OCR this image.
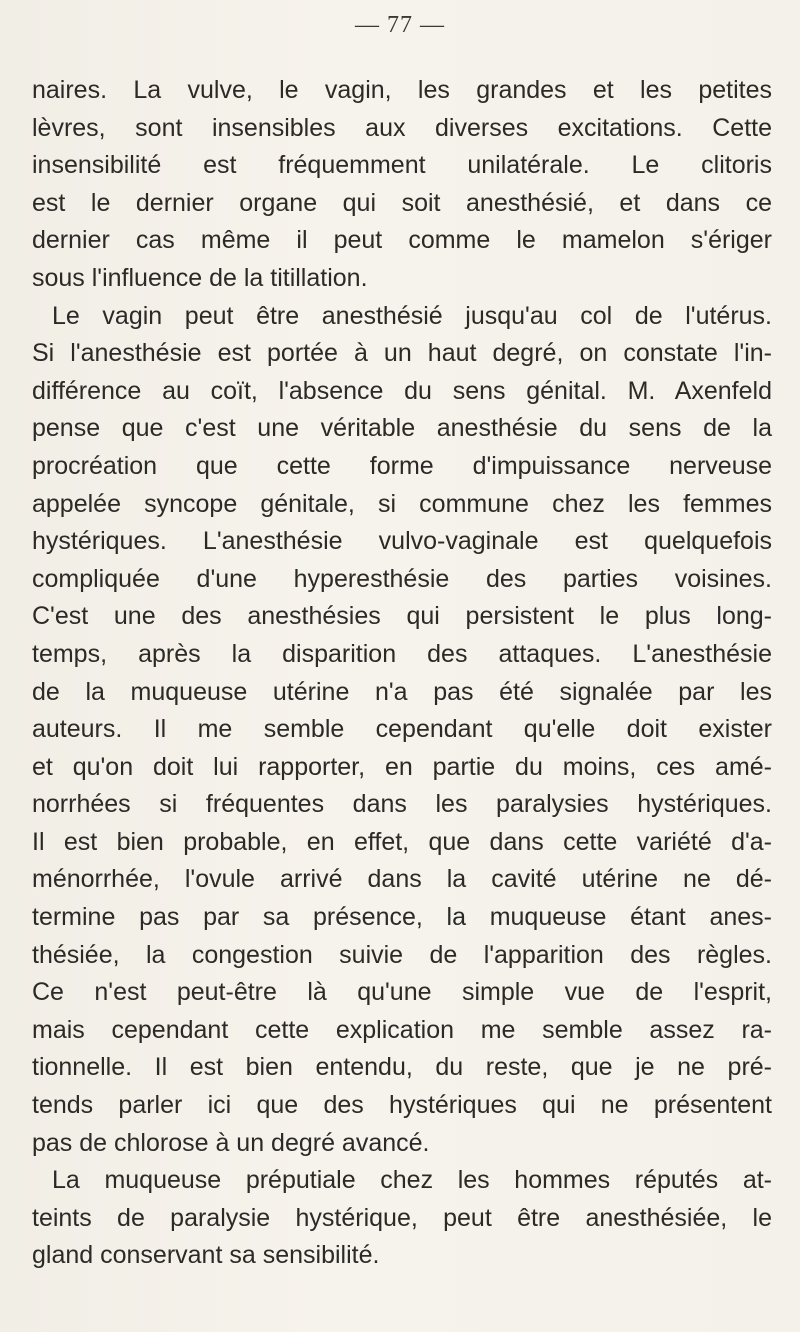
— 77 —
naires. La vulve, le vagin, les grandes et les petites
lèvres, sont insensibles aux diverses excitations. Cette
insensibilité est fréquemment unilatérale. Le clitoris
est le dernier organe qui soit anesthésié, et dans ce
dernier cas même il peut comme le mamelon s'ériger
sous l'influence de la titillation.
Le vagin peut être anesthésié jusqu'au col de l'utérus.
Si l'anesthésie est portée à un haut degré, on constate l'in-
différence au coït, l'absence du sens génital. M. Axenfeld
pense que c'est une véritable anesthésie du sens de la
procréation que cette forme d'impuissance nerveuse
appelée syncope génitale, si commune chez les femmes
hystériques. L'anesthésie vulvo-vaginale est quelquefois
compliquée d'une hyperesthésie des parties voisines.
C'est une des anesthésies qui persistent le plus long-
temps, après la disparition des attaques. L'anesthésie
de la muqueuse utérine n'a pas été signalée par les
auteurs. Il me semble cependant qu'elle doit exister
et qu'on doit lui rapporter, en partie du moins, ces amé-
norrhées si fréquentes dans les paralysies hystériques.
Il est bien probable, en effet, que dans cette variété d'a-
ménorrhée, l'ovule arrivé dans la cavité utérine ne dé-
termine pas par sa présence, la muqueuse étant anes-
thésiée, la congestion suivie de l'apparition des règles.
Ce n'est peut-être là qu'une simple vue de l'esprit,
mais cependant cette explication me semble assez ra-
tionnelle. Il est bien entendu, du reste, que je ne pré-
tends parler ici que des hystériques qui ne présentent
pas de chlorose à un degré avancé.
La muqueuse préputiale chez les hommes réputés at-
teints de paralysie hystérique, peut être anesthésiée, le
gland conservant sa sensibilité.
